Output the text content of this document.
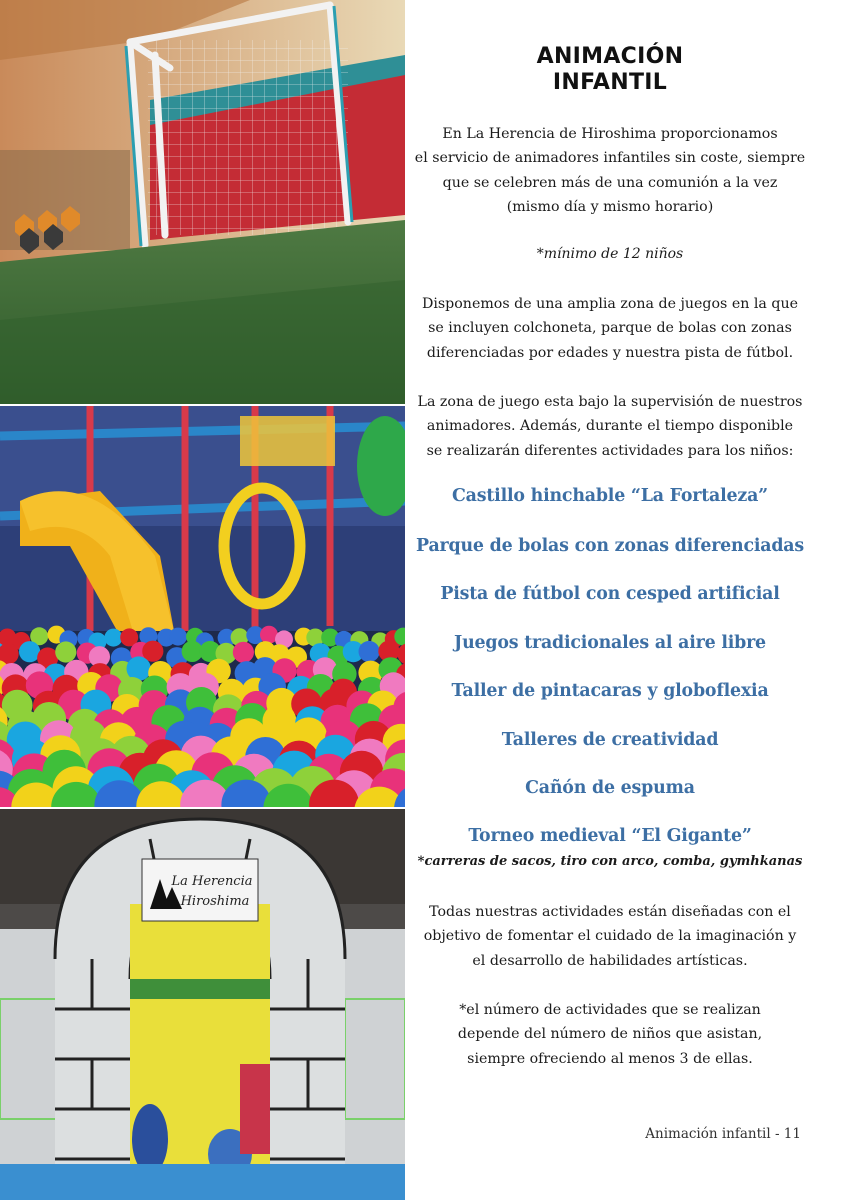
La Herencia
Hiroshima
ANIMACIÓN
INFANTIL

En La Herencia de Hiroshima proporcionamos
el servicio de animadores infantiles sin coste, siempre
que se celebren más de una comunión a la vez
(mismo día y mismo horario)

*mínimo de 12 niños

Disponemos de una amplia zona de juegos en la que
se incluyen colchoneta, parque de bolas con zonas
diferenciadas por edades y nuestra pista de fútbol.

La zona de juego esta bajo la supervisión de nuestros
animadores. Además, durante el tiempo disponible
se realizarán diferentes actividades para los niños:

Castillo hinchable “La Fortaleza”
Parque de bolas con zonas diferenciadas
Pista de fútbol con cesped artificial
Juegos tradicionales al aire libre
Taller de pintacaras y globoflexia
Talleres de creatividad
Cañón de espuma
Torneo medieval “El Gigante”

*carreras de sacos, tiro con arco, comba, gymhkanas

Todas nuestras actividades están diseñadas con el
objetivo de fomentar el cuidado de la imaginación y
el desarrollo de habilidades artísticas.

*el número de actividades que se realizan
depende del número de niños que asistan,
siempre ofreciendo al menos 3 de ellas.

Animación infantil - 11
